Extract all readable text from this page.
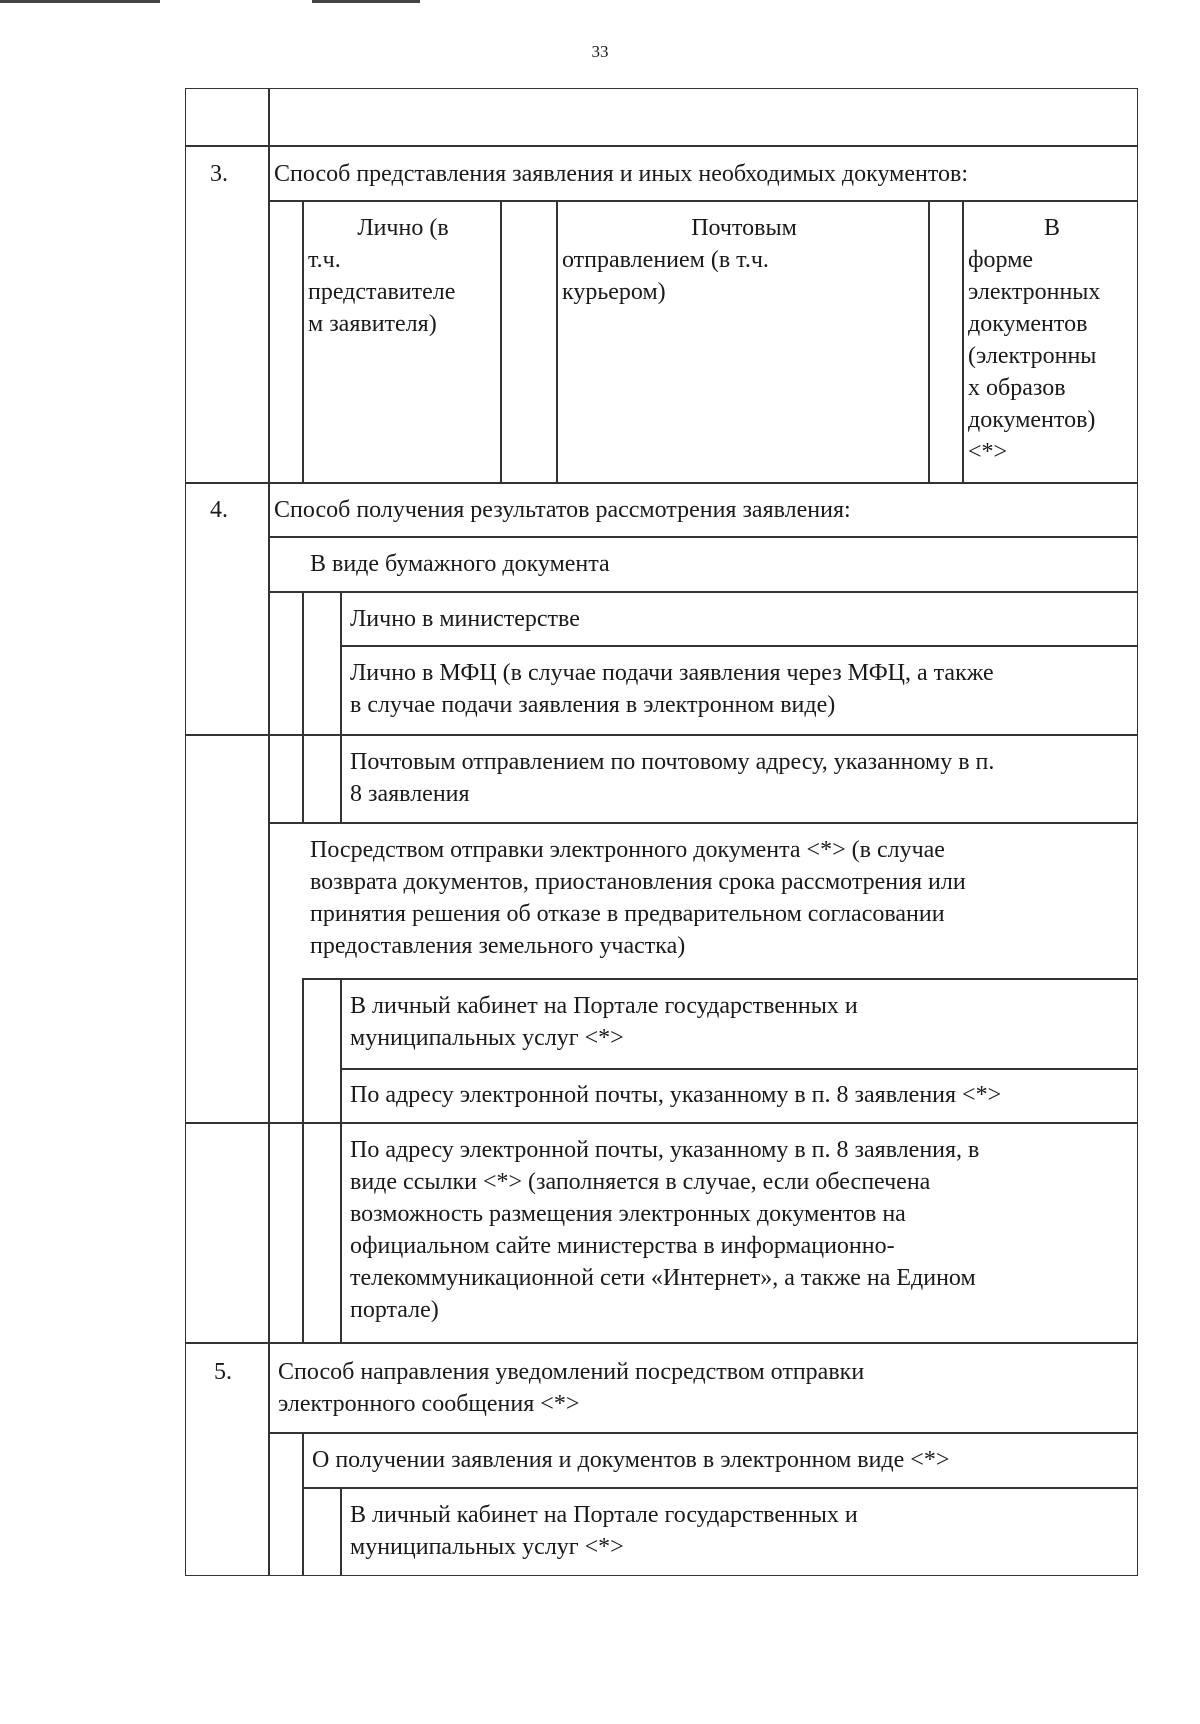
33
3. Способ представления заявления и иных необходимых документов:
Лично (в
т.ч.
представителе
м заявителя)
Почтовым
отправлением (в т.ч.
курьером)
В
форме
электронных
документов
(электронны
х образов
документов)
<*>
4. Способ получения результатов рассмотрения заявления:
В виде бумажного документа
Лично в министерстве
Лично в МФЦ (в случае подачи заявления через МФЦ, а также
в случае подачи заявления в электронном виде)
Почтовым отправлением по почтовому адресу, указанному в п.
8 заявления
Посредством отправки электронного документа <*> (в случае
возврата документов, приостановления срока рассмотрения или
принятия решения об отказе в предварительном согласовании
предоставления земельного участка)
В личный кабинет на Портале государственных и
муниципальных услуг <*>
По адресу электронной почты, указанному в п. 8 заявления <*>
По адресу электронной почты, указанному в п. 8 заявления, в
виде ссылки <*> (заполняется в случае, если обеспечена
возможность размещения электронных документов на
официальном сайте министерства в информационно-
телекоммуникационной сети «Интернет», а также на Едином
портале)
5. Способ направления уведомлений посредством отправки
электронного сообщения <*>
О получении заявления и документов в электронном виде <*>
В личный кабинет на Портале государственных и
муниципальных услуг <*>
